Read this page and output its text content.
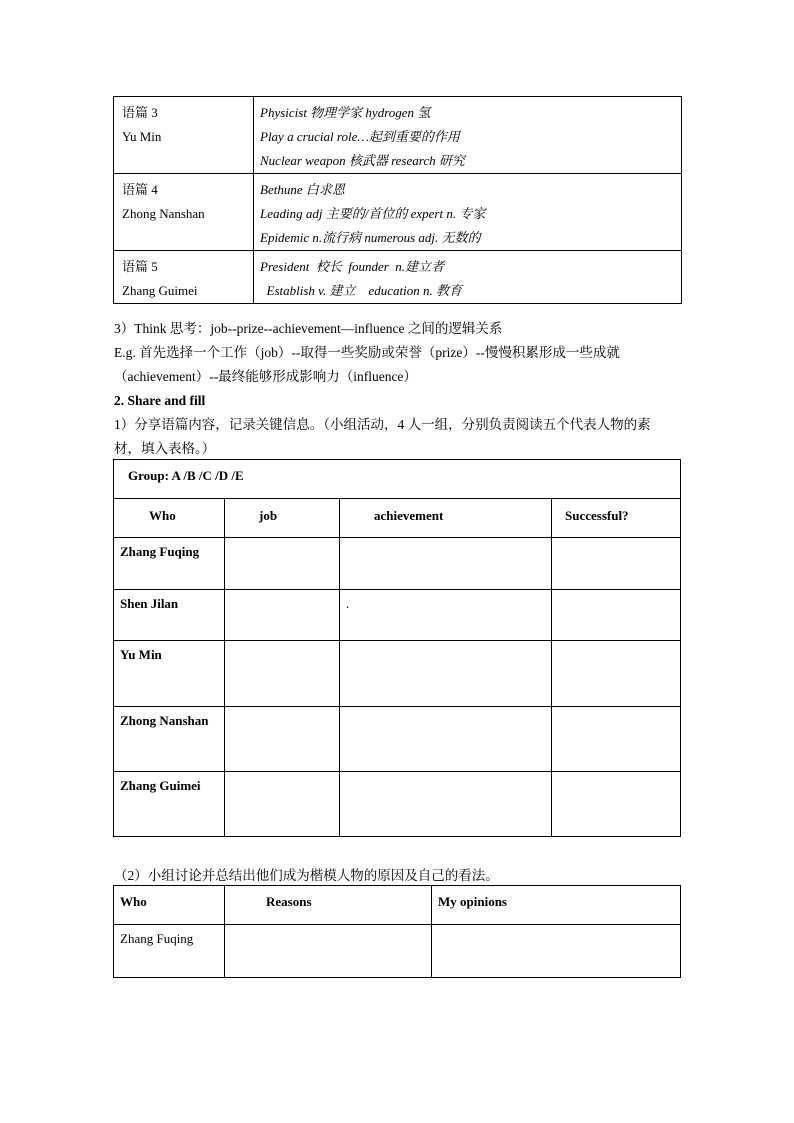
语篇 3
Yu Min	Physicist 物理学家 hydrogen 氢
Play a crucial role…起到重要的作用
Nuclear weapon 核武器 research 研究

语篇 4
Zhong Nanshan	Bethune 白求恩
Leading adj 主要的/首位的 expert n. 专家
Epidemic n.流行病 numerous adj. 无数的

语篇 5
Zhang Guimei	President  校长  founder  n.建立者
Establish v. 建立    education n. 教育
3）Think 思考：job--prize--achievement—influence 之间的逻辑关系
E.g. 首先选择一个工作（job）--取得一些奖励或荣誉（prize）--慢慢积累形成一些成就
（achievement）--最终能够形成影响力（influence）
2. Share and fill
1）分享语篇内容，记录关键信息。（小组活动，4 人一组，分别负责阅读五个代表人物的素
材，填入表格。）
Group: A /B /C /D /E			
Who	job	achievement	Successful?
Zhang Fuqing			
Shen Jilan		.	
Yu Min			
Zhong Nanshan			
Zhang Guimei			
（2）小组讨论并总结出他们成为楷模人物的原因及自己的看法。
Who	Reasons	My opinions
Zhang Fuqing		
